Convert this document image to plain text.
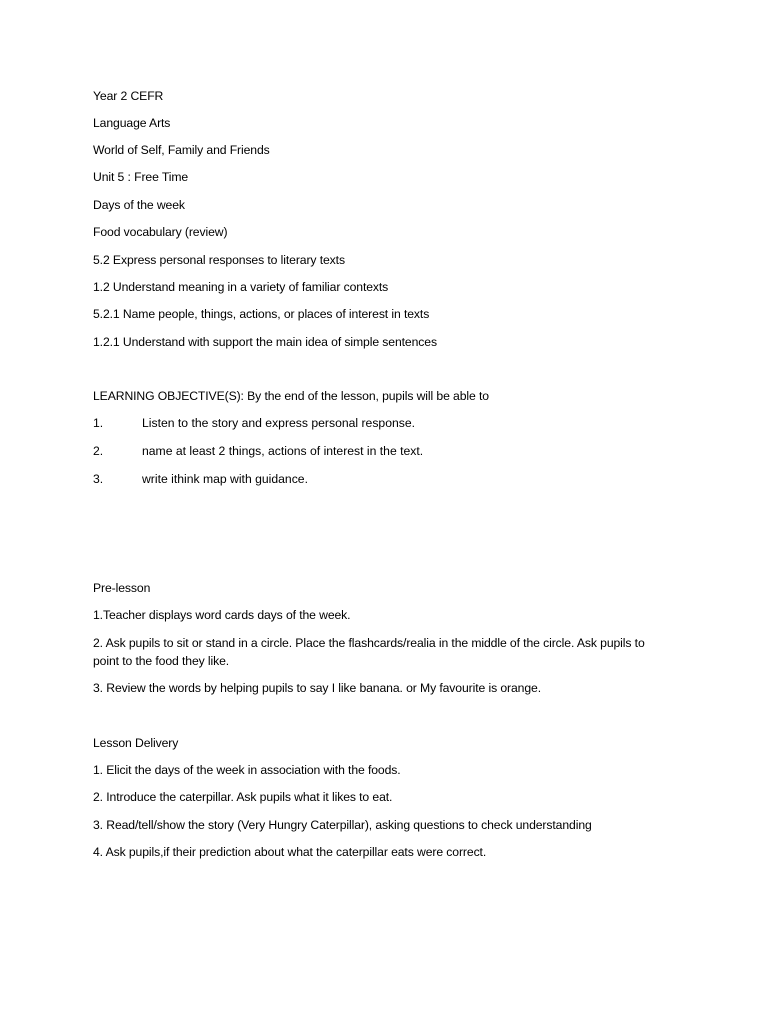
Year 2 CEFR
Language Arts
World of Self, Family and Friends
Unit 5 : Free Time
Days of the week
Food vocabulary (review)
5.2 Express personal responses to literary texts
1.2 Understand meaning in a variety of familiar contexts
5.2.1 Name people, things, actions, or places of interest in texts
1.2.1 Understand with support the main idea of simple sentences
LEARNING OBJECTIVE(S): By the end of the lesson, pupils will be able to
1.	Listen to the story and express personal response.
2.	name at least 2 things, actions of interest in the text.
3.	write ithink map with guidance.
Pre-lesson
1.Teacher displays word cards days of the week.
2. Ask pupils to sit or stand in a circle. Place the flashcards/realia in the middle of the circle. Ask pupils to point to the food they like.
3. Review the words by helping pupils to say I like banana. or My favourite is orange.
Lesson Delivery
1. Elicit the days of the week in association with the foods.
2. Introduce the caterpillar. Ask pupils what it likes to eat.
3. Read/tell/show the story (Very Hungry Caterpillar), asking questions to check understanding
4. Ask pupils,if their prediction about what the caterpillar eats were correct.
